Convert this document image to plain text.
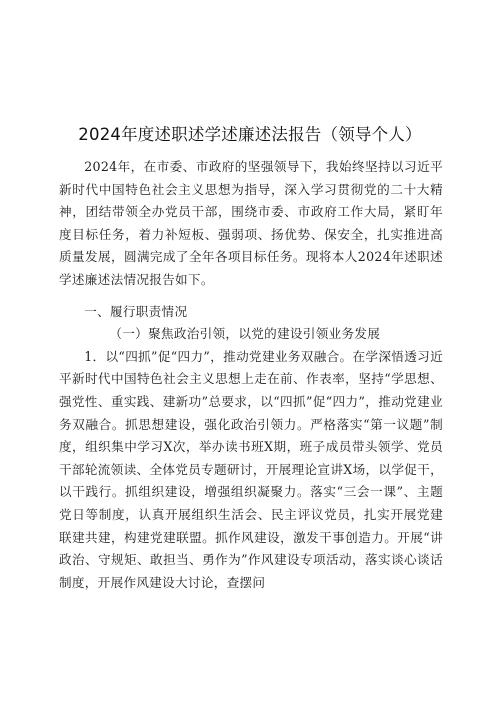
2024年度述职述学述廉述法报告（领导个人）

2024年，在市委、市政府的坚强领导下，我始终坚持以习近平新时代中国特色社会主义思想为指导，深入学习贯彻党的二十大精神，团结带领全办党员干部，围绕市委、市政府工作大局，紧盯年度目标任务，着力补短板、强弱项、扬优势、保安全，扎实推进高质量发展，圆满完成了全年各项目标任务。现将本人2024年述职述学述廉述法情况报告如下。

一、履行职责情况

（一）聚焦政治引领，以党的建设引领业务发展

1．以“四抓”促“四力”，推动党建业务双融合。在学深悟透习近平新时代中国特色社会主义思想上走在前、作表率，坚持“学思想、强党性、重实践、建新功”总要求，以“四抓”促“四力”，推动党建业务双融合。抓思想建设，强化政治引领力。严格落实“第一议题”制度，组织集中学习X次，举办读书班X期，班子成员带头领学、党员干部轮流领读、全体党员专题研讨，开展理论宣讲X场，以学促干，以干践行。抓组织建设，增强组织凝聚力。落实“三会一课”、主题党日等制度，认真开展组织生活会、民主评议党员，扎实开展党建联建共建，构建党建联盟。抓作风建设，激发干事创造力。开展“讲政治、守规矩、敢担当、勇作为”作风建设专项活动，落实谈心谈话制度，开展作风建设大讨论，查摆问
